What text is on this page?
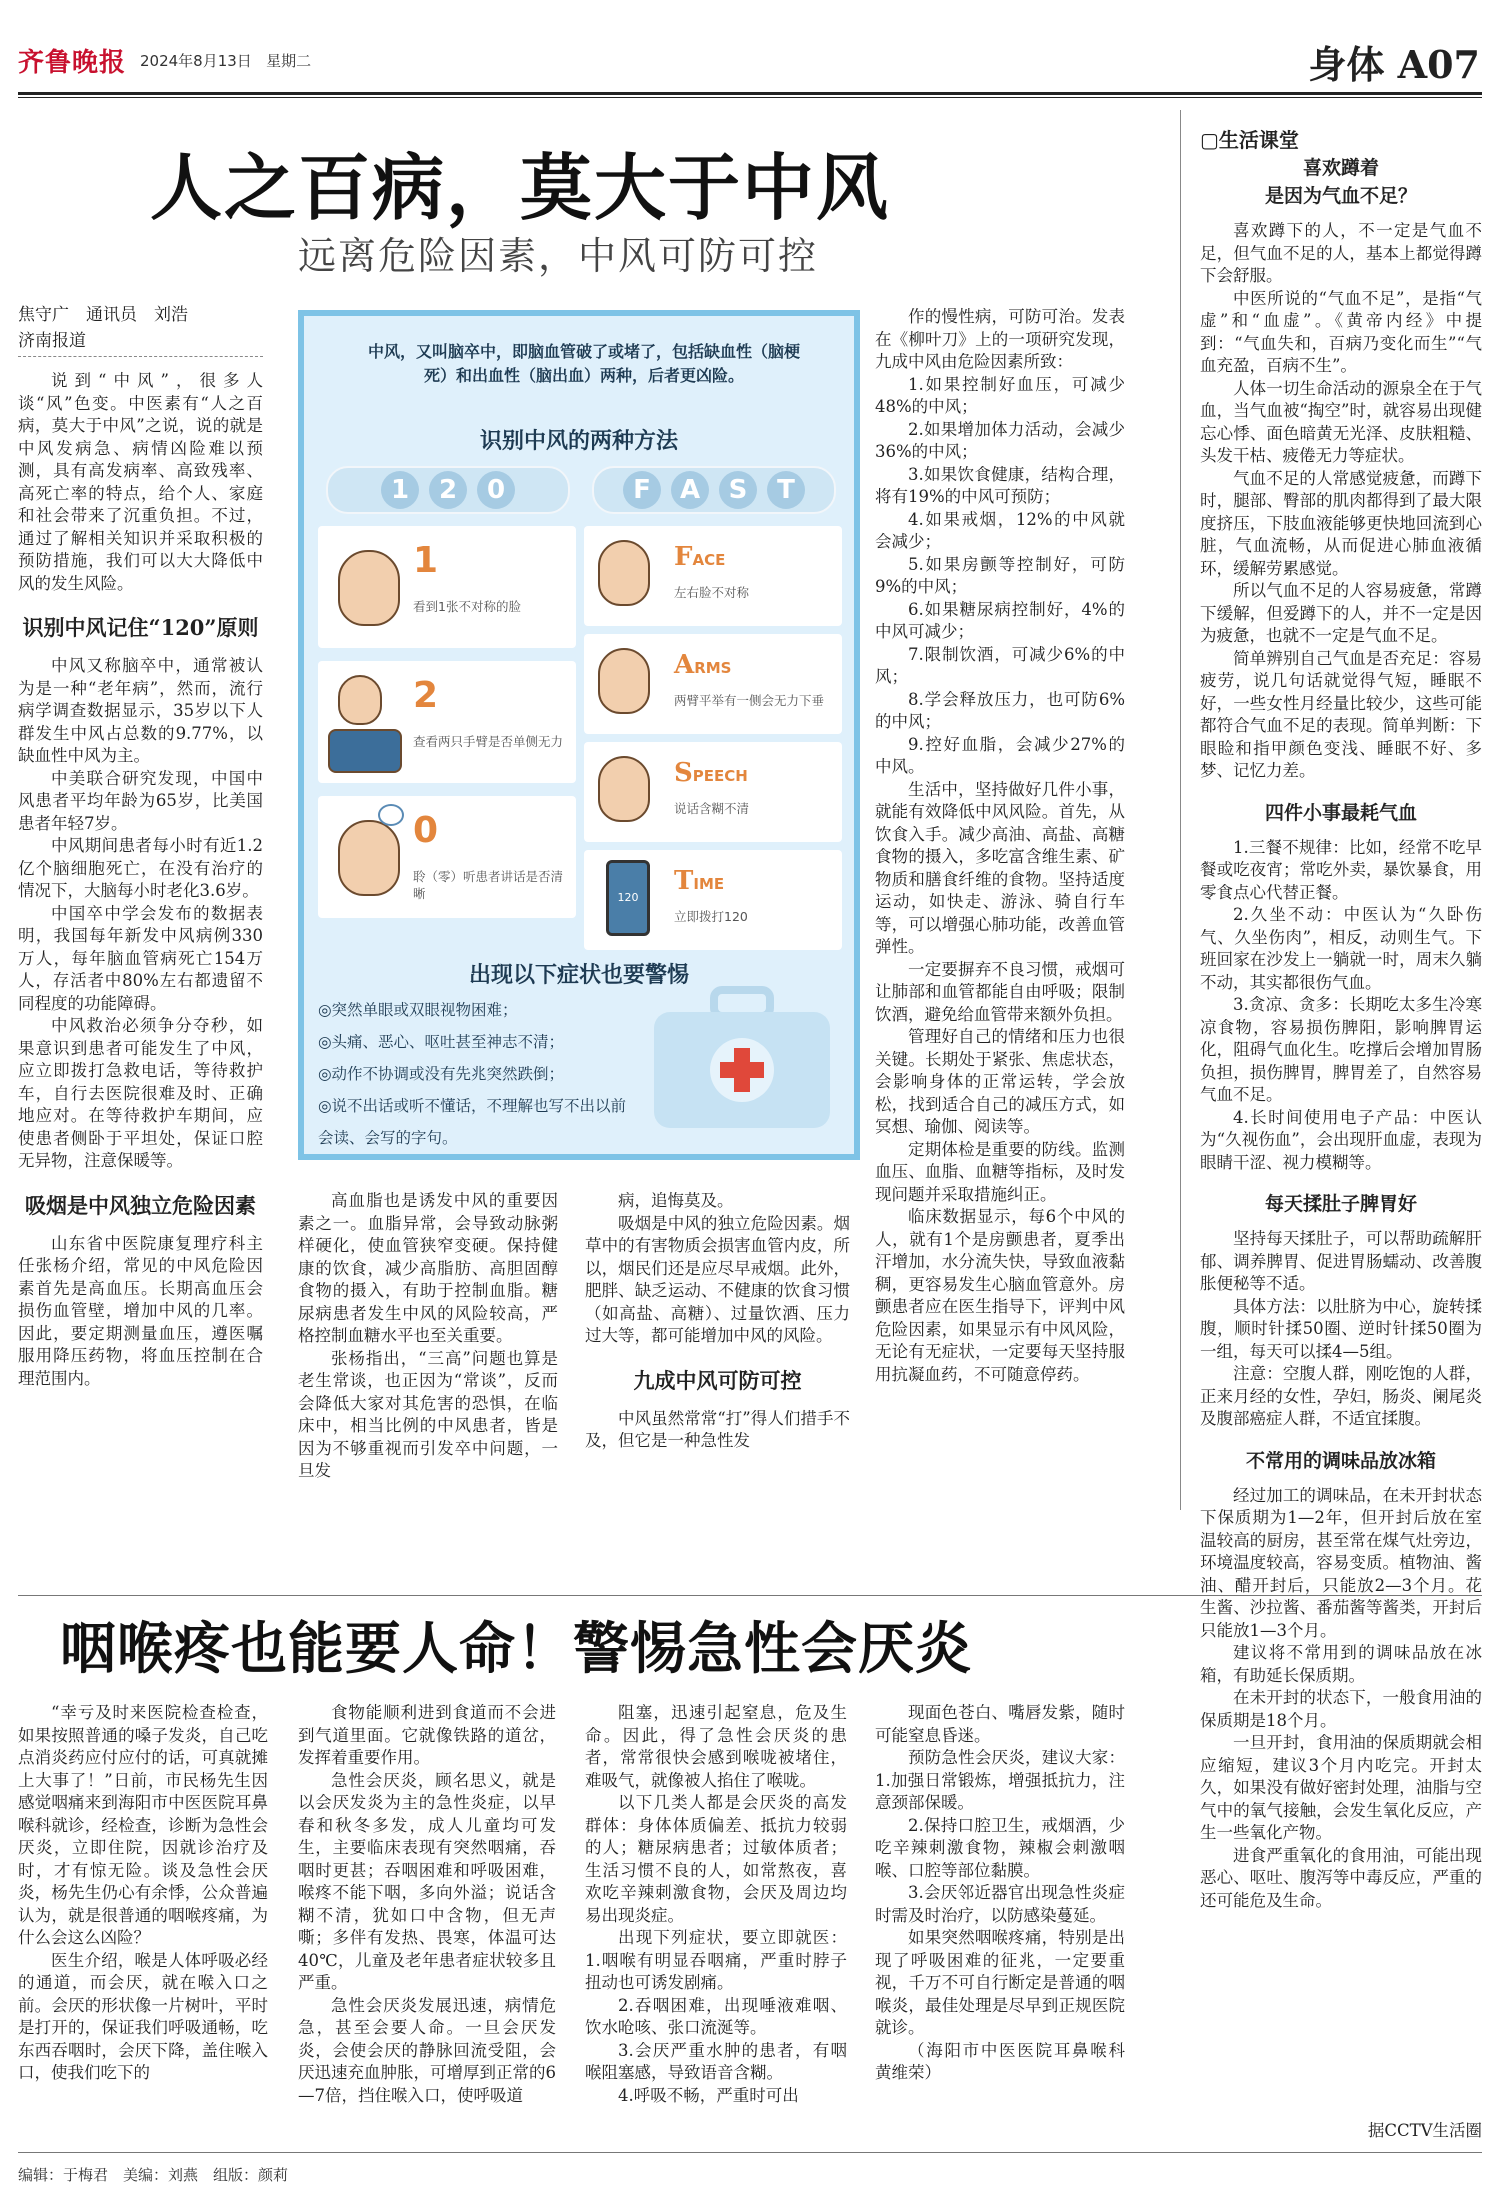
齐鲁晚报 2024年8月13日 星期二	身体 A07
人之百病，莫大于中风
远离危险因素，中风可防可控
焦守广　通讯员　刘浩
济南报道

说到“中风”，很多人谈“风”色变。中医素有“人之百病，莫大于中风”之说，说的就是中风发病急、病情凶险难以预测，具有高发病率、高致残率、高死亡率的特点，给个人、家庭和社会带来了沉重负担。不过，通过了解相关知识并采取积极的预防措施，我们可以大大降低中风的发生风险。

识别中风记住“120”原则

中风又称脑卒中，通常被认为是一种“老年病”，然而，流行病学调查数据显示，35岁以下人群发生中风占总数的9.77%，以缺血性中风为主。

中美联合研究发现，中国中风患者平均年龄为65岁，比美国患者年轻7岁。

中风期间患者每小时有近1.2亿个脑细胞死亡，在没有治疗的情况下，大脑每小时老化3.6岁。

中国卒中学会发布的数据表明，我国每年新发中风病例330万人，每年脑血管病死亡154万人，存活者中80%左右都遗留不同程度的功能障碍。

中风救治必须争分夺秒，如果意识到患者可能发生了中风，应立即拨打急救电话，等待救护车，自行去医院很难及时、正确地应对。在等待救护车期间，应使患者侧卧于平坦处，保证口腔无异物，注意保暖等。

吸烟是中风独立危险因素

山东省中医院康复理疗科主任张杨介绍，常见的中风危险因素首先是高血压。长期高血压会损伤血管壁，增加中风的几率。因此，要定期测量血压，遵医嘱服用降压药物，将血压控制在合理范围内。

高血脂也是诱发中风的重要因素之一。血脂异常，会导致动脉粥样硬化，使血管狭窄变硬。保持健康的饮食，减少高脂肪、高胆固醇食物的摄入，有助于控制血脂。糖尿病患者发生中风的风险较高，严格控制血糖水平也至关重要。

张杨指出，“三高”问题也算是老生常谈，也正因为“常谈”，反而会降低大家对其危害的恐惧，在临床中，相当比例的中风患者，皆是因为不够重视而引发卒中问题，一旦发

病，追悔莫及。

吸烟是中风的独立危险因素。烟草中的有害物质会损害血管内皮，所以，烟民们还是应尽早戒烟。此外，肥胖、缺乏运动、不健康的饮食习惯（如高盐、高糖）、过量饮酒、压力过大等，都可能增加中风的风险。

九成中风可防可控

中风虽然常常“打”得人们措手不及，但它是一种急性发

作的慢性病，可防可治。发表在《柳叶刀》上的一项研究发现，九成中风由危险因素所致：

1.如果控制好血压，可减少48%的中风；

2.如果增加体力活动，会减少36%的中风；

3.如果饮食健康，结构合理，将有19%的中风可预防；

4.如果戒烟，12%的中风就会减少；

5.如果房颤等控制好，可防9%的中风；

6.如果糖尿病控制好，4%的中风可减少；

7.限制饮酒，可减少6%的中风；

8.学会释放压力，也可防6%的中风；

9.控好血脂，会减少27%的中风。

生活中，坚持做好几件小事，就能有效降低中风风险。首先，从饮食入手。减少高油、高盐、高糖食物的摄入，多吃富含维生素、矿物质和膳食纤维的食物。坚持适度运动，如快走、游泳、骑自行车等，可以增强心肺功能，改善血管弹性。

一定要摒弃不良习惯，戒烟可让肺部和血管都能自由呼吸；限制饮酒，避免给血管带来额外负担。

管理好自己的情绪和压力也很关键。长期处于紧张、焦虑状态，会影响身体的正常运转，学会放松，找到适合自己的减压方式，如冥想、瑜伽、阅读等。

定期体检是重要的防线。监测血压、血脂、血糖等指标，及时发现问题并采取措施纠正。

临床数据显示，每6个中风的人，就有1个是房颤患者，夏季出汗增加，水分流失快，导致血液黏稠，更容易发生心脑血管意外。房颤患者应在医生指导下，评判中风危险因素，如果显示有中风风险，无论有无症状，一定要每天坚持服用抗凝血药，不可随意停药。

中风，又叫脑卒中，即脑血管破了或堵了，包括缺血性（脑梗死）和出血性（脑出血）两种，后者更凶险。
识别中风的两种方法
1	2	0	F	A	S	T
1
看到1张不对称的脸
2
查看两只手臂是否单侧无力
0
聆（零）听患者讲话是否清晰
FACE
左右脸不对称
ARMS
两臂平举有一侧会无力下垂
SPEECH
说话含糊不清
120
TIME
立即拨打120
出现以下症状也要警惕
◎突然单眼或双眼视物困难；
◎头痛、恶心、呕吐甚至神志不清；
◎动作不协调或没有先兆突然跌倒；
◎说不出话或听不懂话，不理解也写不出以前会读、会写的字句。
▢生活课堂
喜欢蹲着
是因为气血不足？

喜欢蹲下的人，不一定是气血不足，但气血不足的人，基本上都觉得蹲下会舒服。

中医所说的“气血不足”，是指“气虚”和“血虚”。《黄帝内经》中提到：“气血失和，百病乃变化而生”“气血充盈，百病不生”。

人体一切生命活动的源泉全在于气血，当气血被“掏空”时，就容易出现健忘心悸、面色暗黄无光泽、皮肤粗糙、头发干枯、疲倦无力等症状。

气血不足的人常感觉疲惫，而蹲下时，腿部、臀部的肌肉都得到了最大限度挤压，下肢血液能够更快地回流到心脏，气血流畅，从而促进心肺血液循环，缓解劳累感觉。

所以气血不足的人容易疲惫，常蹲下缓解，但爱蹲下的人，并不一定是因为疲惫，也就不一定是气血不足。

简单辨别自己气血是否充足：容易疲劳，说几句话就觉得气短，睡眠不好，一些女性月经量比较少，这些可能都符合气血不足的表现。简单判断：下眼睑和指甲颜色变浅、睡眠不好、多梦、记忆力差。

四件小事最耗气血

1.三餐不规律：比如，经常不吃早餐或吃夜宵；常吃外卖，暴饮暴食，用零食点心代替正餐。

2.久坐不动：中医认为“久卧伤气、久坐伤肉”，相反，动则生气。下班回家在沙发上一躺就一时，周末久躺不动，其实都很伤气血。

3.贪凉、贪多：长期吃太多生冷寒凉食物，容易损伤脾阳，影响脾胃运化，阻碍气血化生。吃撑后会增加胃肠负担，损伤脾胃，脾胃差了，自然容易气血不足。

4.长时间使用电子产品：中医认为“久视伤血”，会出现肝血虚，表现为眼睛干涩、视力模糊等。

每天揉肚子脾胃好

坚持每天揉肚子，可以帮助疏解肝郁、调养脾胃、促进胃肠蠕动、改善腹胀便秘等不适。

具体方法：以肚脐为中心，旋转揉腹，顺时针揉50圈、逆时针揉50圈为一组，每天可以揉4—5组。

注意：空腹人群，刚吃饱的人群，正来月经的女性，孕妇，肠炎、阑尾炎及腹部癌症人群，不适宜揉腹。

不常用的调味品放冰箱

经过加工的调味品，在未开封状态下保质期为1—2年，但开封后放在室温较高的厨房，甚至常在煤气灶旁边，环境温度较高，容易变质。植物油、酱油、醋开封后，只能放2—3个月。花生酱、沙拉酱、番茄酱等酱类，开封后只能放1—3个月。

建议将不常用到的调味品放在冰箱，有助延长保质期。

在未开封的状态下，一般食用油的保质期是18个月。

一旦开封，食用油的保质期就会相应缩短，建议3个月内吃完。开封太久，如果没有做好密封处理，油脂与空气中的氧气接触，会发生氧化反应，产生一些氧化产物。

进食严重氧化的食用油，可能出现恶心、呕吐、腹泻等中毒反应，严重的还可能危及生命。

据CCTV生活圈
咽喉疼也能要人命！警惕急性会厌炎

“幸亏及时来医院检查检查，如果按照普通的嗓子发炎，自己吃点消炎药应付应付的话，可真就摊上大事了！”日前，市民杨先生因感觉咽痛来到海阳市中医医院耳鼻喉科就诊，经检查，诊断为急性会厌炎，立即住院，因就诊治疗及时，才有惊无险。谈及急性会厌炎，杨先生仍心有余悸，公众普遍认为，就是很普通的咽喉疼痛，为什么会这么凶险？

医生介绍，喉是人体呼吸必经的通道，而会厌，就在喉入口之前。会厌的形状像一片树叶，平时是打开的，保证我们呼吸通畅，吃东西吞咽时，会厌下降，盖住喉入口，使我们吃下的

食物能顺利进到食道而不会进到气道里面。它就像铁路的道岔，发挥着重要作用。

急性会厌炎，顾名思义，就是以会厌发炎为主的急性炎症，以早春和秋冬多发，成人儿童均可发生，主要临床表现有突然咽痛，吞咽时更甚；吞咽困难和呼吸困难，喉疼不能下咽，多向外溢；说话含糊不清，犹如口中含物，但无声嘶；多伴有发热、畏寒，体温可达40℃，儿童及老年患者症状较多且严重。

急性会厌炎发展迅速，病情危急，甚至会要人命。一旦会厌发炎，会使会厌的静脉回流受阻，会厌迅速充血肿胀，可增厚到正常的6—7倍，挡住喉入口，使呼吸道

阻塞，迅速引起窒息，危及生命。因此，得了急性会厌炎的患者，常常很快会感到喉咙被堵住，难吸气，就像被人掐住了喉咙。

以下几类人都是会厌炎的高发群体：身体体质偏差、抵抗力较弱的人；糖尿病患者；过敏体质者；生活习惯不良的人，如常熬夜，喜欢吃辛辣刺激食物，会厌及周边均易出现炎症。

出现下列症状，要立即就医：1.咽喉有明显吞咽痛，严重时脖子扭动也可诱发剧痛。

2.吞咽困难，出现唾液难咽、饮水呛咳、张口流涎等。

3.会厌严重水肿的患者，有咽喉阻塞感，导致语音含糊。

4.呼吸不畅，严重时可出

现面色苍白、嘴唇发紫，随时可能窒息昏迷。

预防急性会厌炎，建议大家：1.加强日常锻炼，增强抵抗力，注意颈部保暖。

2.保持口腔卫生，戒烟酒，少吃辛辣刺激食物，辣椒会刺激咽喉、口腔等部位黏膜。

3.会厌邻近器官出现急性炎症时需及时治疗，以防感染蔓延。

如果突然咽喉疼痛，特别是出现了呼吸困难的征兆，一定要重视，千万不可自行断定是普通的咽喉炎，最佳处理是尽早到正规医院就诊。

（海阳市中医医院耳鼻喉科　黄维荣）

编辑：于梅君　美编：刘燕　组版：颜莉
